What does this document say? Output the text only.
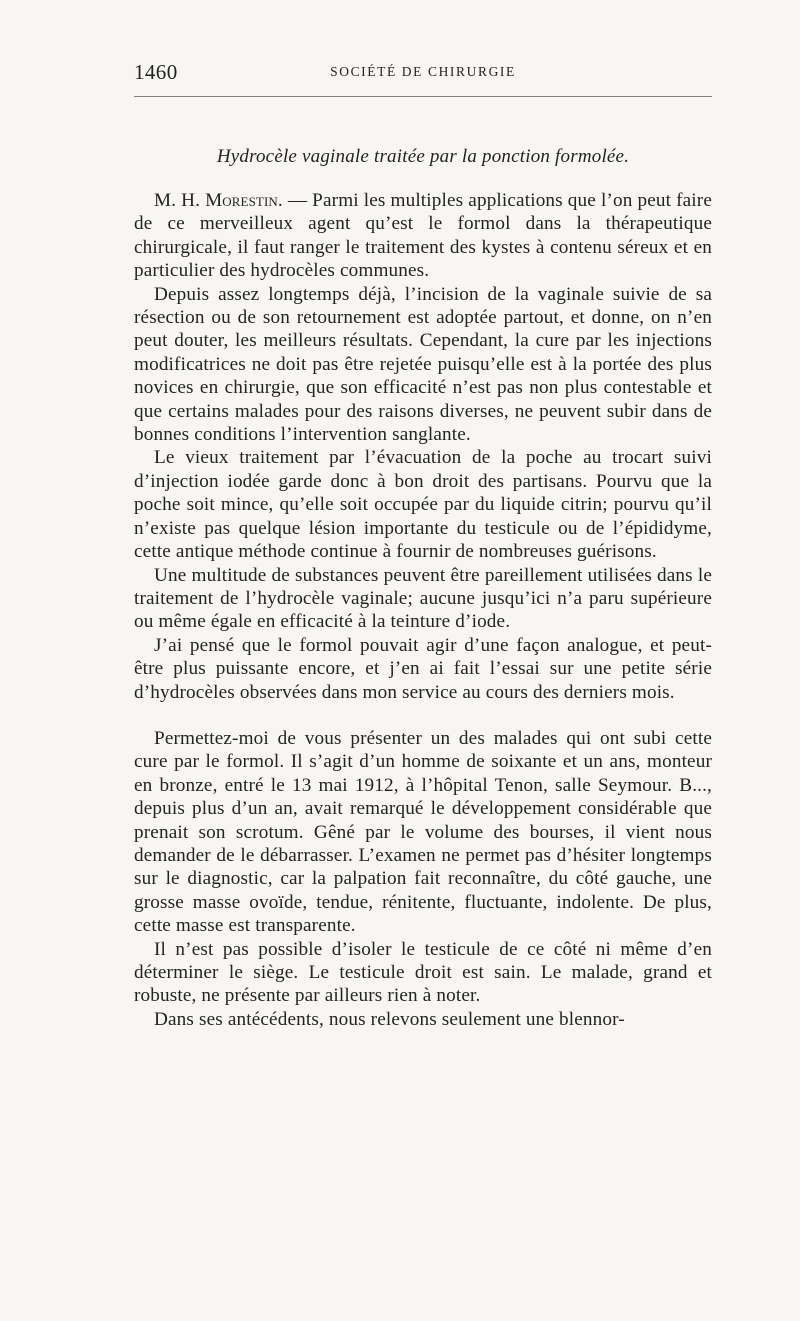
1460	SOCIÉTÉ DE CHIRURGIE
Hydrocèle vaginale traitée par la ponction formolée.

M. H. Morestin. — Parmi les multiples applications que l’on peut faire de ce merveilleux agent qu’est le formol dans la thérapeutique chirurgicale, il faut ranger le traitement des kystes à contenu séreux et en particulier des hydrocèles communes.

Depuis assez longtemps déjà, l’incision de la vaginale suivie de sa résection ou de son retournement est adoptée partout, et donne, on n’en peut douter, les meilleurs résultats. Cependant, la cure par les injections modificatrices ne doit pas être rejetée puisqu’elle est à la portée des plus novices en chirurgie, que son efficacité n’est pas non plus contestable et que certains malades pour des raisons diverses, ne peuvent subir dans de bonnes conditions l’intervention sanglante.

Le vieux traitement par l’évacuation de la poche au trocart suivi d’injection iodée garde donc à bon droit des partisans. Pourvu que la poche soit mince, qu’elle soit occupée par du liquide citrin; pourvu qu’il n’existe pas quelque lésion importante du testicule ou de l’épididyme, cette antique méthode continue à fournir de nombreuses guérisons.

Une multitude de substances peuvent être pareillement utilisées dans le traitement de l’hydrocèle vaginale; aucune jusqu’ici n’a paru supérieure ou même égale en efficacité à la teinture d’iode.

J’ai pensé que le formol pouvait agir d’une façon analogue, et peut-être plus puissante encore, et j’en ai fait l’essai sur une petite série d’hydrocèles observées dans mon service au cours des derniers mois.

Permettez-moi de vous présenter un des malades qui ont subi cette cure par le formol. Il s’agit d’un homme de soixante et un ans, monteur en bronze, entré le 13 mai 1912, à l’hôpital Tenon, salle Seymour. B..., depuis plus d’un an, avait remarqué le développement considérable que prenait son scrotum. Gêné par le volume des bourses, il vient nous demander de le débarrasser. L’examen ne permet pas d’hésiter longtemps sur le diagnostic, car la palpation fait reconnaître, du côté gauche, une grosse masse ovoïde, tendue, rénitente, fluctuante, indolente. De plus, cette masse est transparente.

Il n’est pas possible d’isoler le testicule de ce côté ni même d’en déterminer le siège. Le testicule droit est sain. Le malade, grand et robuste, ne présente par ailleurs rien à noter.

Dans ses antécédents, nous relevons seulement une blennor-
